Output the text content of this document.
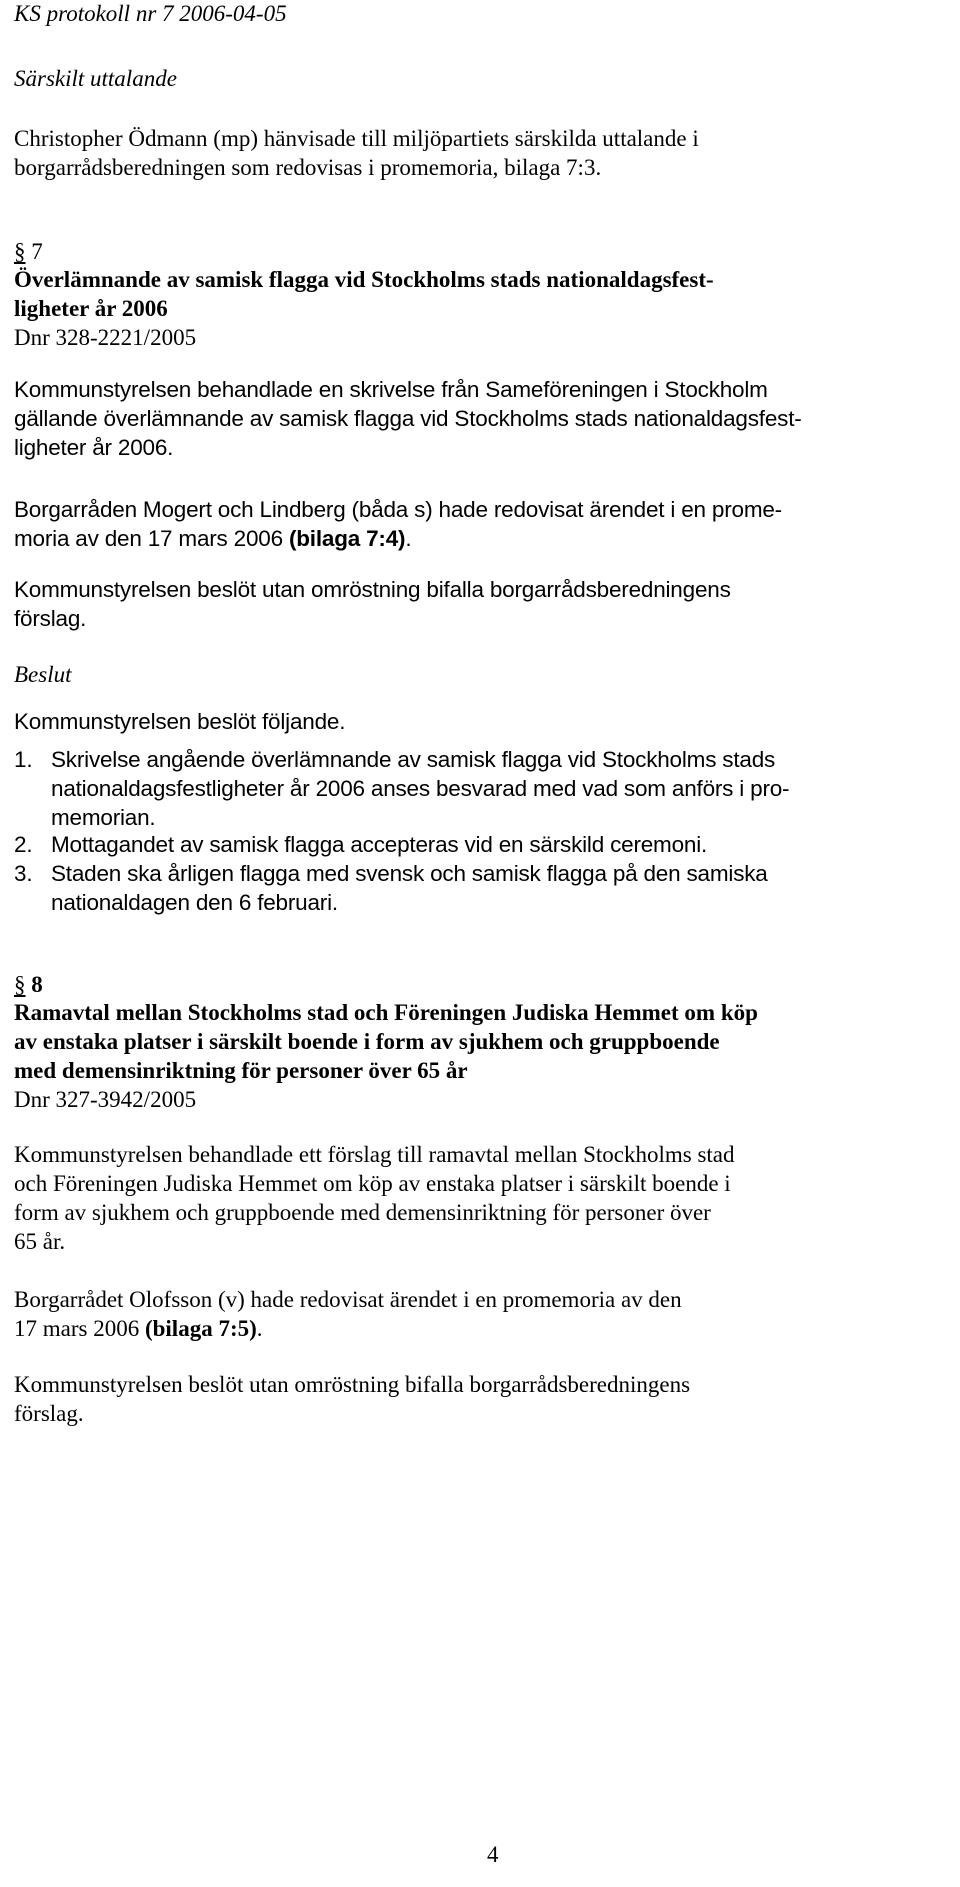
KS protokoll nr 7 2006-04-05
Särskilt uttalande
Christopher Ödmann (mp) hänvisade till miljöpartiets särskilda uttalande i
borgarrådsberedningen som redovisas i promemoria, bilaga 7:3.
§ 7
Överlämnande av samisk flagga vid Stockholms stads nationaldagsfest-
ligheter år 2006
Dnr 328-2221/2005
Kommunstyrelsen behandlade en skrivelse från Sameföreningen i Stockholm
gällande överlämnande av samisk flagga vid Stockholms stads nationaldagsfest-
ligheter år 2006.
Borgarråden Mogert och Lindberg (båda s) hade redovisat ärendet i en prome-
moria av den 17 mars 2006 (bilaga 7:4).
Kommunstyrelsen beslöt utan omröstning bifalla borgarrådsberedningens
förslag.
Beslut
Kommunstyrelsen beslöt följande.
1. Skrivelse angående överlämnande av samisk flagga vid Stockholms stads
nationaldagsfestligheter år 2006 anses besvarad med vad som anförs i pro-
memorian.
2. Mottagandet av samisk flagga accepteras vid en särskild ceremoni.
3. Staden ska årligen flagga med svensk och samisk flagga på den samiska
nationaldagen den 6 februari.
§ 8
Ramavtal mellan Stockholms stad och Föreningen Judiska Hemmet om köp
av enstaka platser i särskilt boende i form av sjukhem och gruppboende
med demensinriktning för personer över 65 år
Dnr 327-3942/2005
Kommunstyrelsen behandlade ett förslag till ramavtal mellan Stockholms stad
och Föreningen Judiska Hemmet om köp av enstaka platser i särskilt boende i
form av sjukhem och gruppboende med demensinriktning för personer över
65 år.
Borgarrådet Olofsson (v) hade redovisat ärendet i en promemoria av den
17 mars 2006 (bilaga 7:5).
Kommunstyrelsen beslöt utan omröstning bifalla borgarrådsberedningens
förslag.
4
